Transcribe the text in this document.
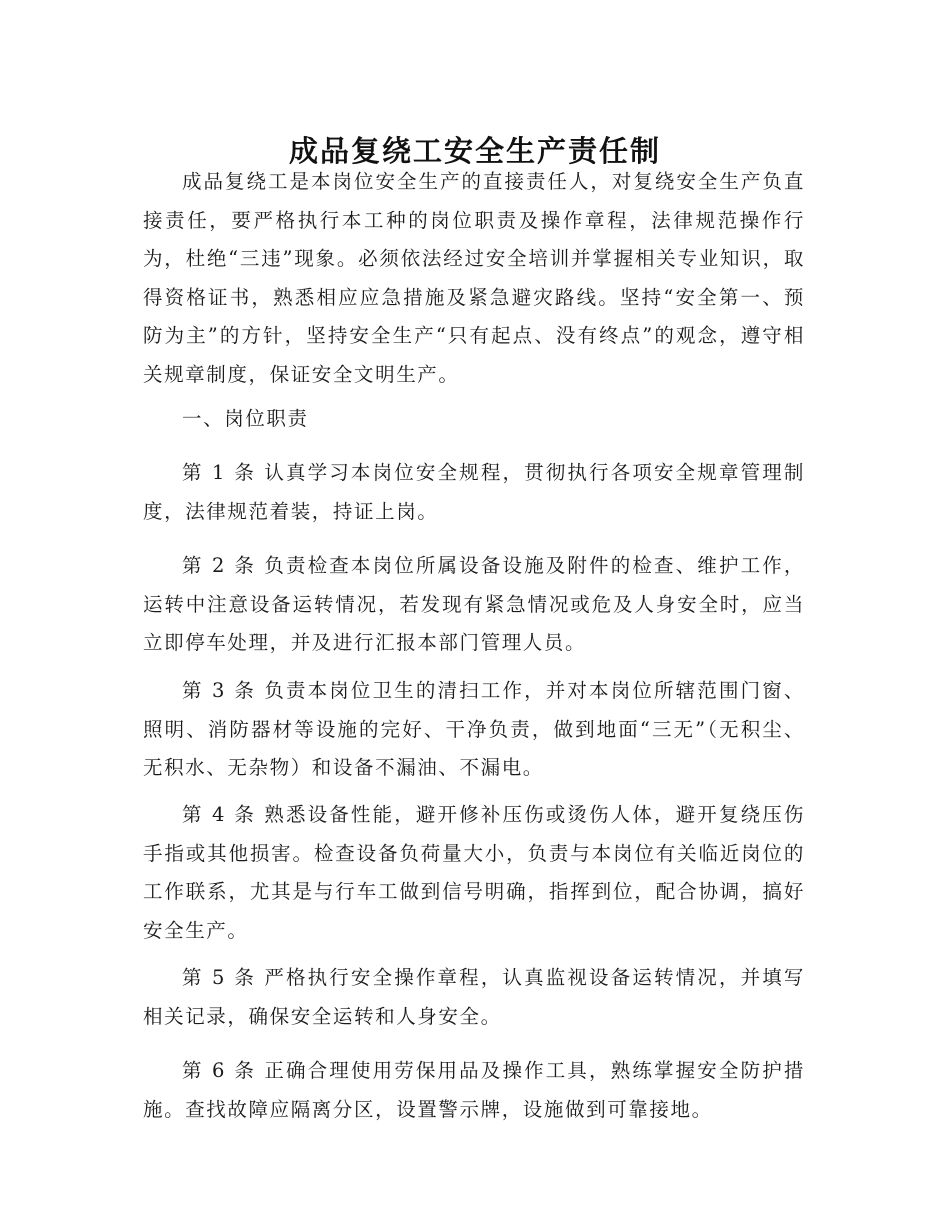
成品复绕工安全生产责任制

成品复绕工是本岗位安全生产的直接责任人，对复绕安全生产负直接责任，要严格执行本工种的岗位职责及操作章程，法律规范操作行为，杜绝“三违”现象。必须依法经过安全培训并掌握相关专业知识，取得资格证书，熟悉相应应急措施及紧急避灾路线。坚持“安全第一、预防为主”的方针，坚持安全生产“只有起点、没有终点”的观念，遵守相关规章制度，保证安全文明生产。

一、岗位职责

第 1 条 认真学习本岗位安全规程，贯彻执行各项安全规章管理制度，法律规范着装，持证上岗。

第 2 条 负责检查本岗位所属设备设施及附件的检查、维护工作，运转中注意设备运转情况，若发现有紧急情况或危及人身安全时，应当立即停车处理，并及进行汇报本部门管理人员。

第 3 条 负责本岗位卫生的清扫工作，并对本岗位所辖范围门窗、照明、消防器材等设施的完好、干净负责，做到地面“三无”（无积尘、无积水、无杂物）和设备不漏油、不漏电。

第 4 条 熟悉设备性能，避开修补压伤或烫伤人体，避开复绕压伤手指或其他损害。检查设备负荷量大小，负责与本岗位有关临近岗位的工作联系，尤其是与行车工做到信号明确，指挥到位，配合协调，搞好安全生产。

第 5 条 严格执行安全操作章程，认真监视设备运转情况，并填写相关记录，确保安全运转和人身安全。

第 6 条 正确合理使用劳保用品及操作工具，熟练掌握安全防护措施。查找故障应隔离分区，设置警示牌，设施做到可靠接地。
